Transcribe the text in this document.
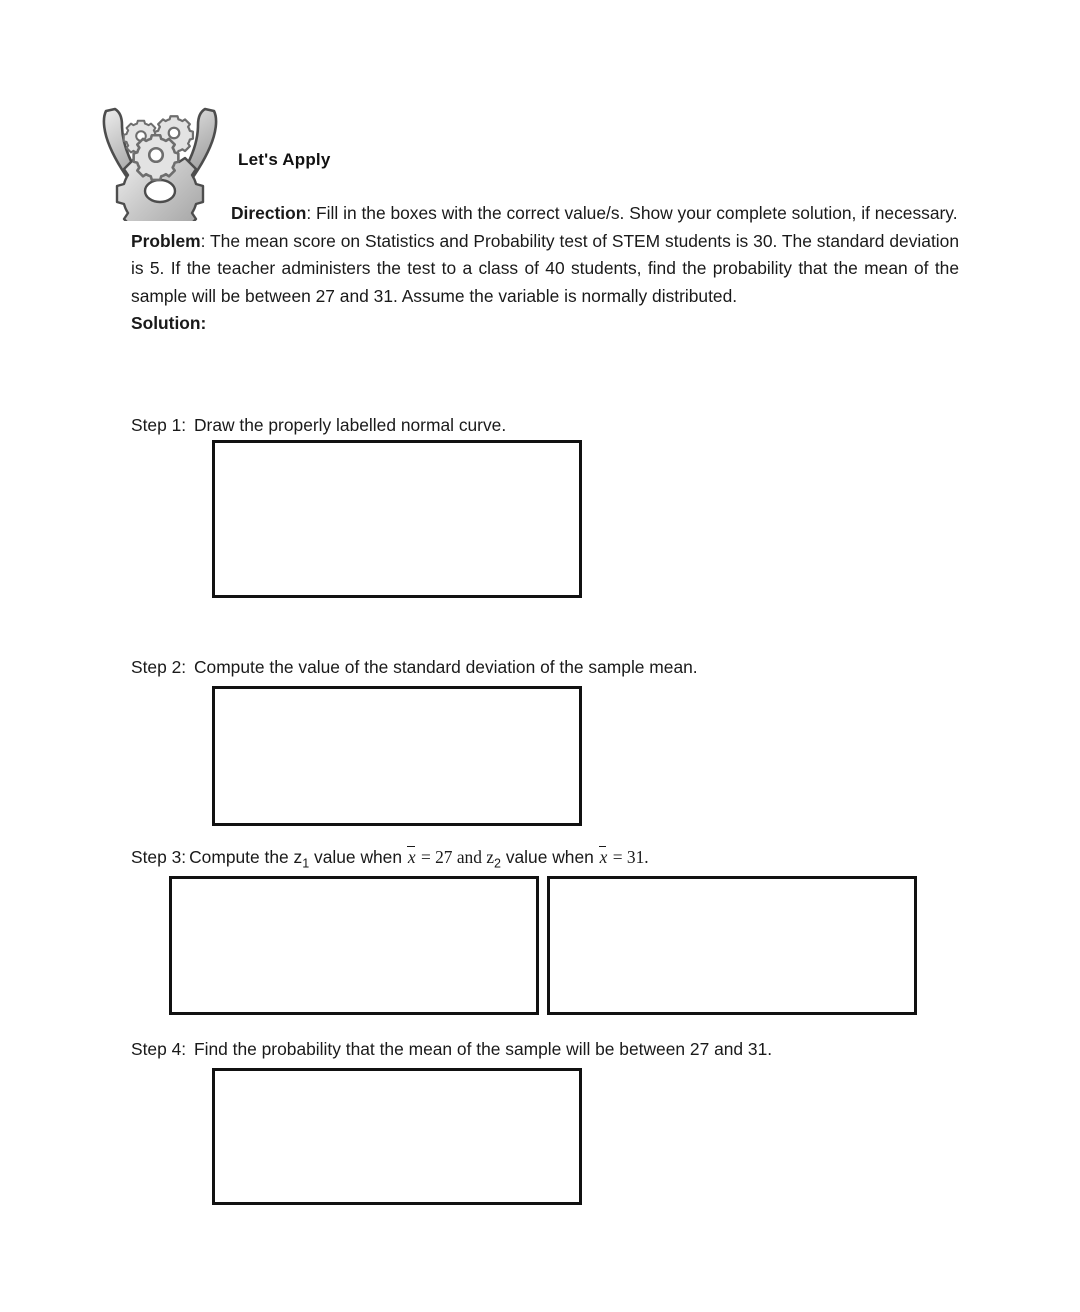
Let's Apply

Direction: Fill in the boxes with the correct value/s. Show your complete solution, if necessary.

Problem: The mean score on Statistics and Probability test of STEM students is 30. The standard deviation is 5. If the teacher administers the test to a class of 40 students, find the probability that the mean of the sample will be between 27 and 31. Assume the variable is normally distributed.

Solution:

Step 1: Draw the properly labelled normal curve.
Step 2: Compute the value of the standard deviation of the sample mean.
Step 3: Compute the $z_1$ value when x = 27 and $z_2$ value when x = 31.
Step 4: Find the probability that the mean of the sample will be between 27 and 31.
